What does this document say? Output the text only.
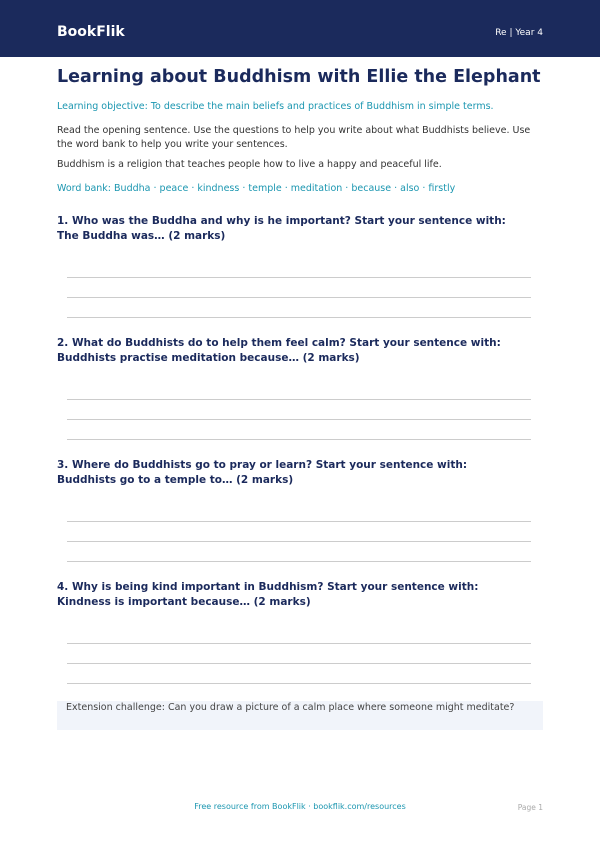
BookFlik	Re | Year 4
Learning about Buddhism with Ellie the Elephant
Learning objective: To describe the main beliefs and practices of Buddhism in simple terms.
Read the opening sentence. Use the questions to help you write about what Buddhists believe. Use the word bank to help you write your sentences.
Buddhism is a religion that teaches people how to live a happy and peaceful life.
Word bank: Buddha · peace · kindness · temple · meditation · because · also · firstly
1. Who was the Buddha and why is he important? Start your sentence with: The Buddha was… (2 marks)
2. What do Buddhists do to help them feel calm? Start your sentence with: Buddhists practise meditation because… (2 marks)
3. Where do Buddhists go to pray or learn? Start your sentence with: Buddhists go to a temple to… (2 marks)
4. Why is being kind important in Buddhism? Start your sentence with: Kindness is important because… (2 marks)
Extension challenge: Can you draw a picture of a calm place where someone might meditate?
Free resource from BookFlik · bookflik.com/resources	Page 1
